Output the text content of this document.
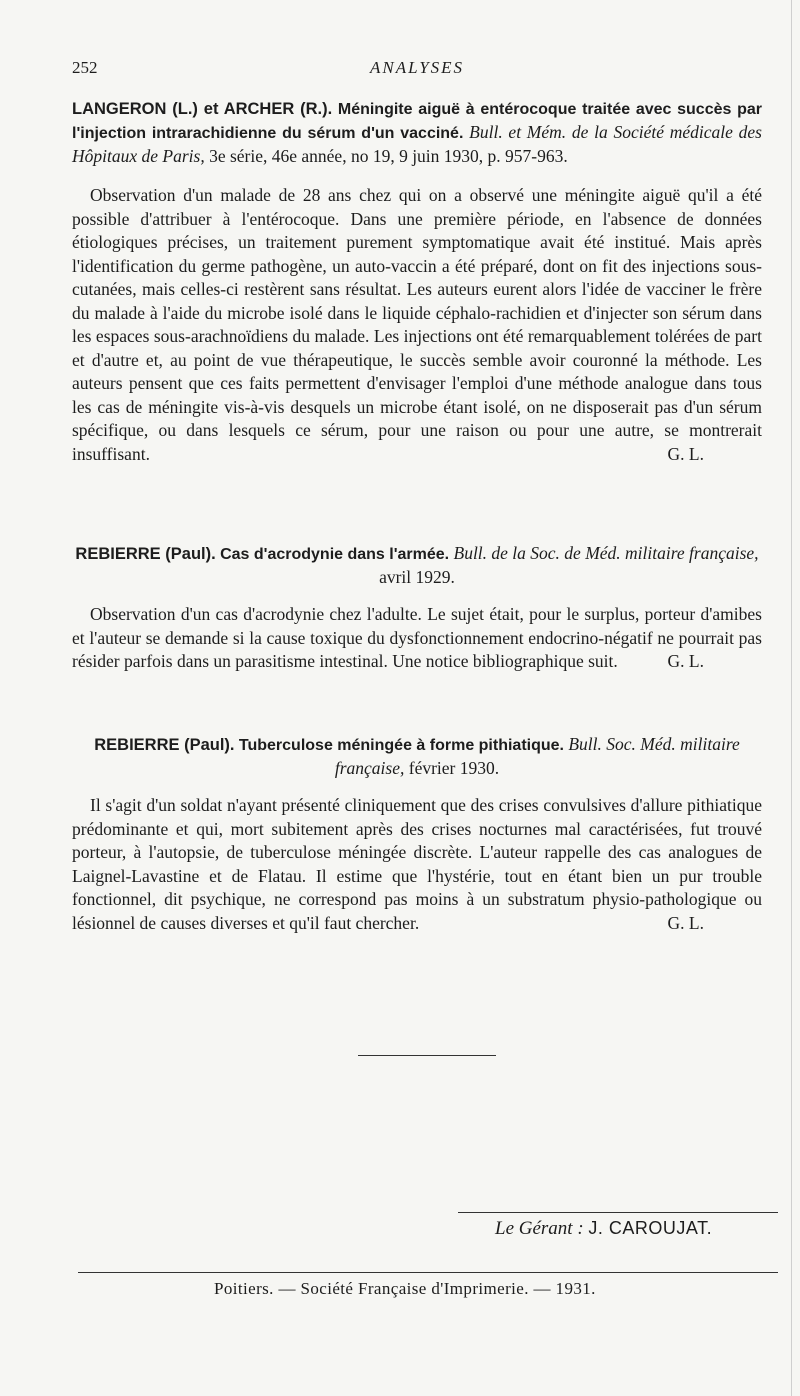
252	ANALYSES
LANGERON (L.) et ARCHER (R.). Méningite aiguë à entérocoque traitée avec succès par l'injection intrarachidienne du sérum d'un vacciné. Bull. et Mém. de la Société médicale des Hôpitaux de Paris, 3e série, 46e année, no 19, 9 juin 1930, p. 957-963.
Observation d'un malade de 28 ans chez qui on a observé une méningite aiguë qu'il a été possible d'attribuer à l'entérocoque. Dans une première période, en l'absence de données étiologiques précises, un traitement purement symptomatique avait été institué. Mais après l'identification du germe pathogène, un auto-vaccin a été préparé, dont on fit des injections sous-cutanées, mais celles-ci restèrent sans résultat. Les auteurs eurent alors l'idée de vacciner le frère du malade à l'aide du microbe isolé dans le liquide céphalo-rachidien et d'injecter son sérum dans les espaces sous-arachnoïdiens du malade. Les injections ont été remarquablement tolérées de part et d'autre et, au point de vue thérapeutique, le succès semble avoir couronné la méthode. Les auteurs pensent que ces faits permettent d'envisager l'emploi d'une méthode analogue dans tous les cas de méningite vis-à-vis desquels un microbe étant isolé, on ne disposerait pas d'un sérum spécifique, ou dans lesquels ce sérum, pour une raison ou pour une autre, se montrerait insuffisant.	G. L.
REBIERRE (Paul). Cas d'acrodynie dans l'armée. Bull. de la Soc. de Méd. militaire française, avril 1929.
Observation d'un cas d'acrodynie chez l'adulte. Le sujet était, pour le surplus, porteur d'amibes et l'auteur se demande si la cause toxique du dysfonctionnement endocrino-négatif ne pourrait pas résider parfois dans un parasitisme intestinal. Une notice bibliographique suit.	G. L.
REBIERRE (Paul). Tuberculose méningée à forme pithiatique. Bull. Soc. Méd. militaire française, février 1930.
Il s'agit d'un soldat n'ayant présenté cliniquement que des crises convulsives d'allure pithiatique prédominante et qui, mort subitement après des crises nocturnes mal caractérisées, fut trouvé porteur, à l'autopsie, de tuberculose méningée discrète. L'auteur rappelle des cas analogues de Laignel-Lavastine et de Flatau. Il estime que l'hystérie, tout en étant bien un pur trouble fonctionnel, dit psychique, ne correspond pas moins à un substratum physio-pathologique ou lésionnel de causes diverses et qu'il faut chercher.	G. L.
Le Gérant : J. CAROUJAT.
Poitiers. — Société Française d'Imprimerie. — 1931.
